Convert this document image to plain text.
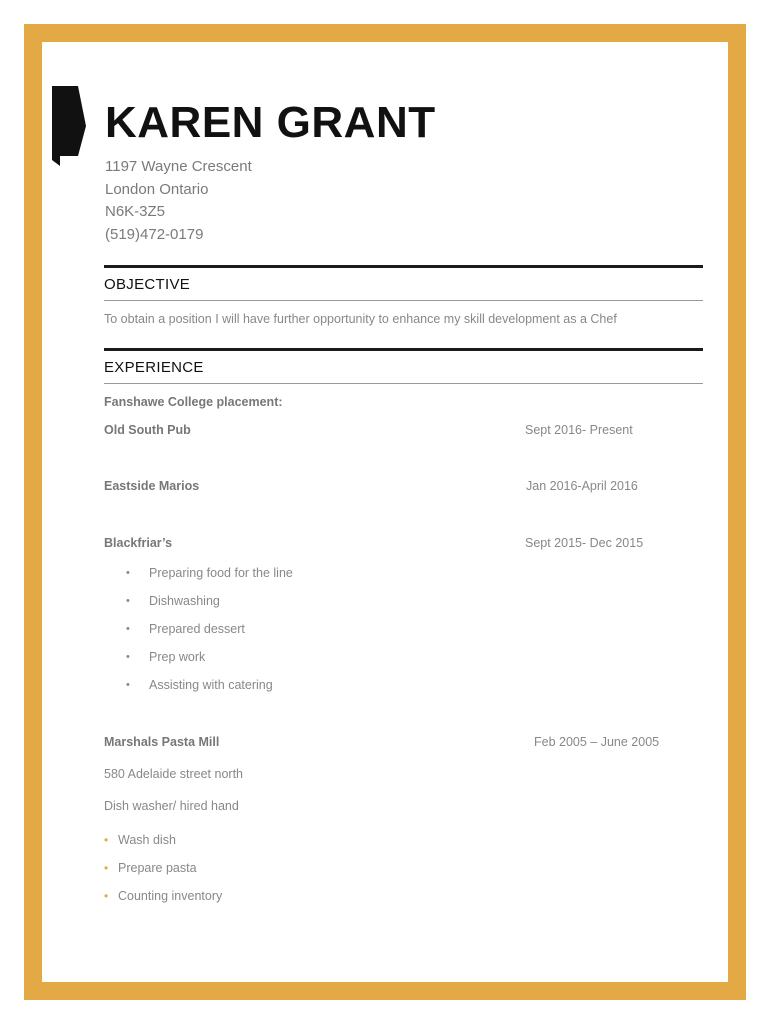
KAREN GRANT
1197 Wayne Crescent
London Ontario
N6K-3Z5
(519)472-0179
OBJECTIVE
To obtain a position I will have further opportunity to enhance my skill development as a Chef
EXPERIENCE
Fanshawe College placement:
Old South Pub	Sept 2016- Present
Eastside Marios	Jan 2016-April 2016
Blackfriar’s	Sept 2015- Dec 2015
• Preparing food for the line
• Dishwashing
• Prepared dessert
• Prep work
• Assisting with catering
Marshals Pasta Mill	Feb 2005 – June 2005
580 Adelaide street north
Dish washer/ hired hand
• Wash dish
• Prepare pasta
• Counting inventory
